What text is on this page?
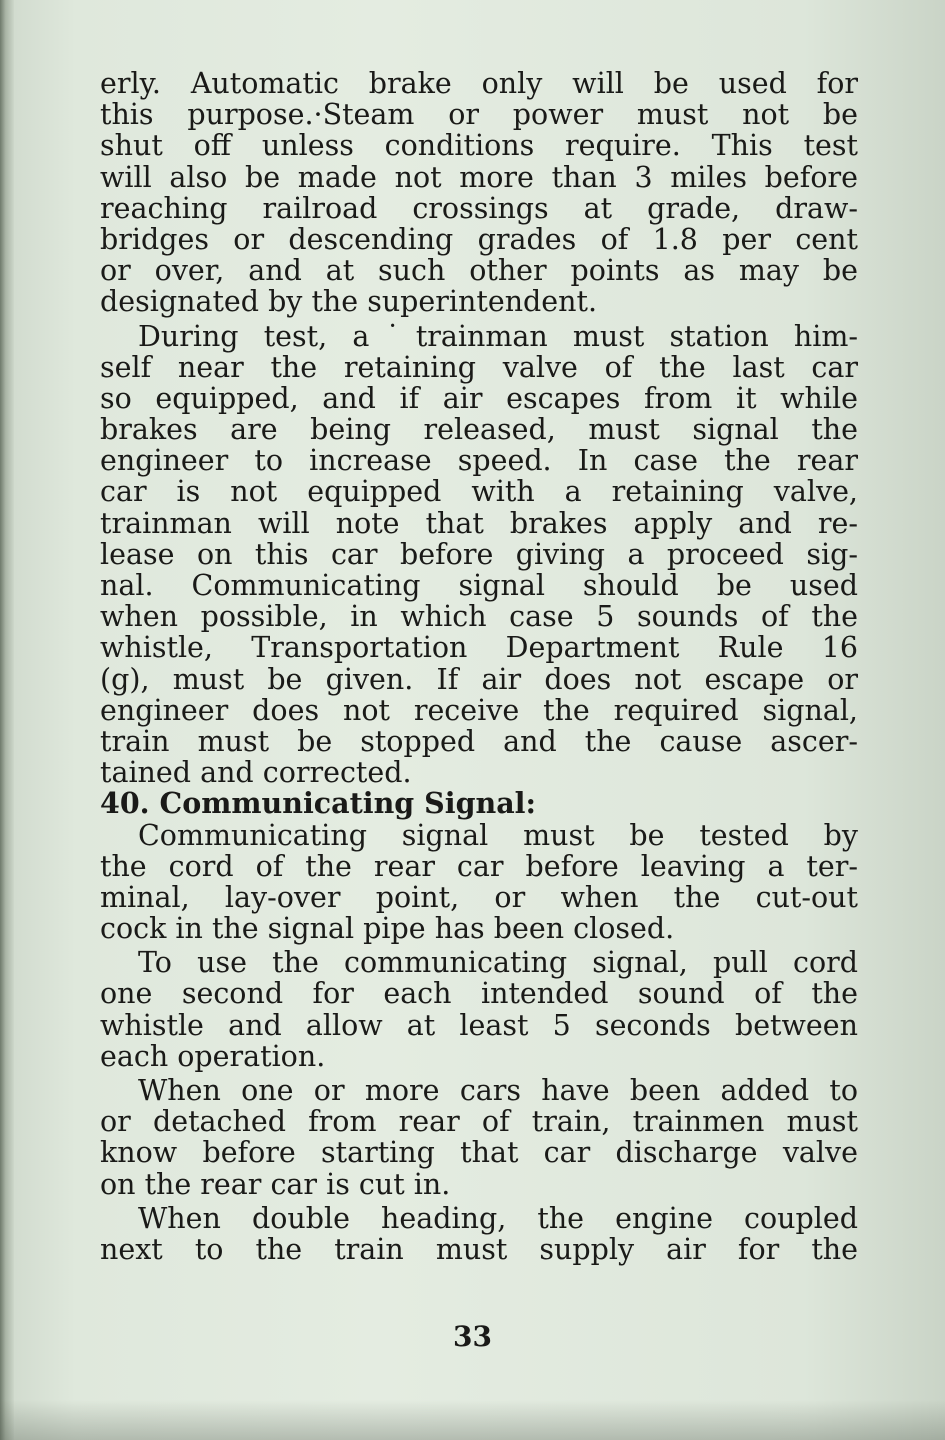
erly. Automatic brake only will be used for
this purpose.·Steam or power must not be
shut off unless conditions require. This test
will also be made not more than 3 miles before
reaching railroad crossings at grade, draw-
bridges or descending grades of 1.8 per cent
or over, and at such other points as may be
designated by the superintendent.
During test, a˙trainman must station him-
self near the retaining valve of the last car
so equipped, and if air escapes from it while
brakes are being released, must signal the
engineer to increase speed. In case the rear
car is not equipped with a retaining valve,
trainman will note that brakes apply and re-
lease on this car before giving a proceed sig-
nal. Communicating signal should be used
when possible, in which case 5 sounds of the
whistle, Transportation Department Rule 16
(g), must be given. If air does not escape or
engineer does not receive the required signal,
train must be stopped and the cause ascer-
tained and corrected.
40. Communicating Signal:
Communicating signal must be tested by
the cord of the rear car before leaving a ter-
minal, lay-over point, or when the cut-out
cock in the signal pipe has been closed.
To use the communicating signal, pull cord
one second for each intended sound of the
whistle and allow at least 5 seconds between
each operation.
When one or more cars have been added to
or detached from rear of train, trainmen must
know before starting that car discharge valve
on the rear car is cut in.
When double heading, the engine coupled
next to the train must supply air for the
33
